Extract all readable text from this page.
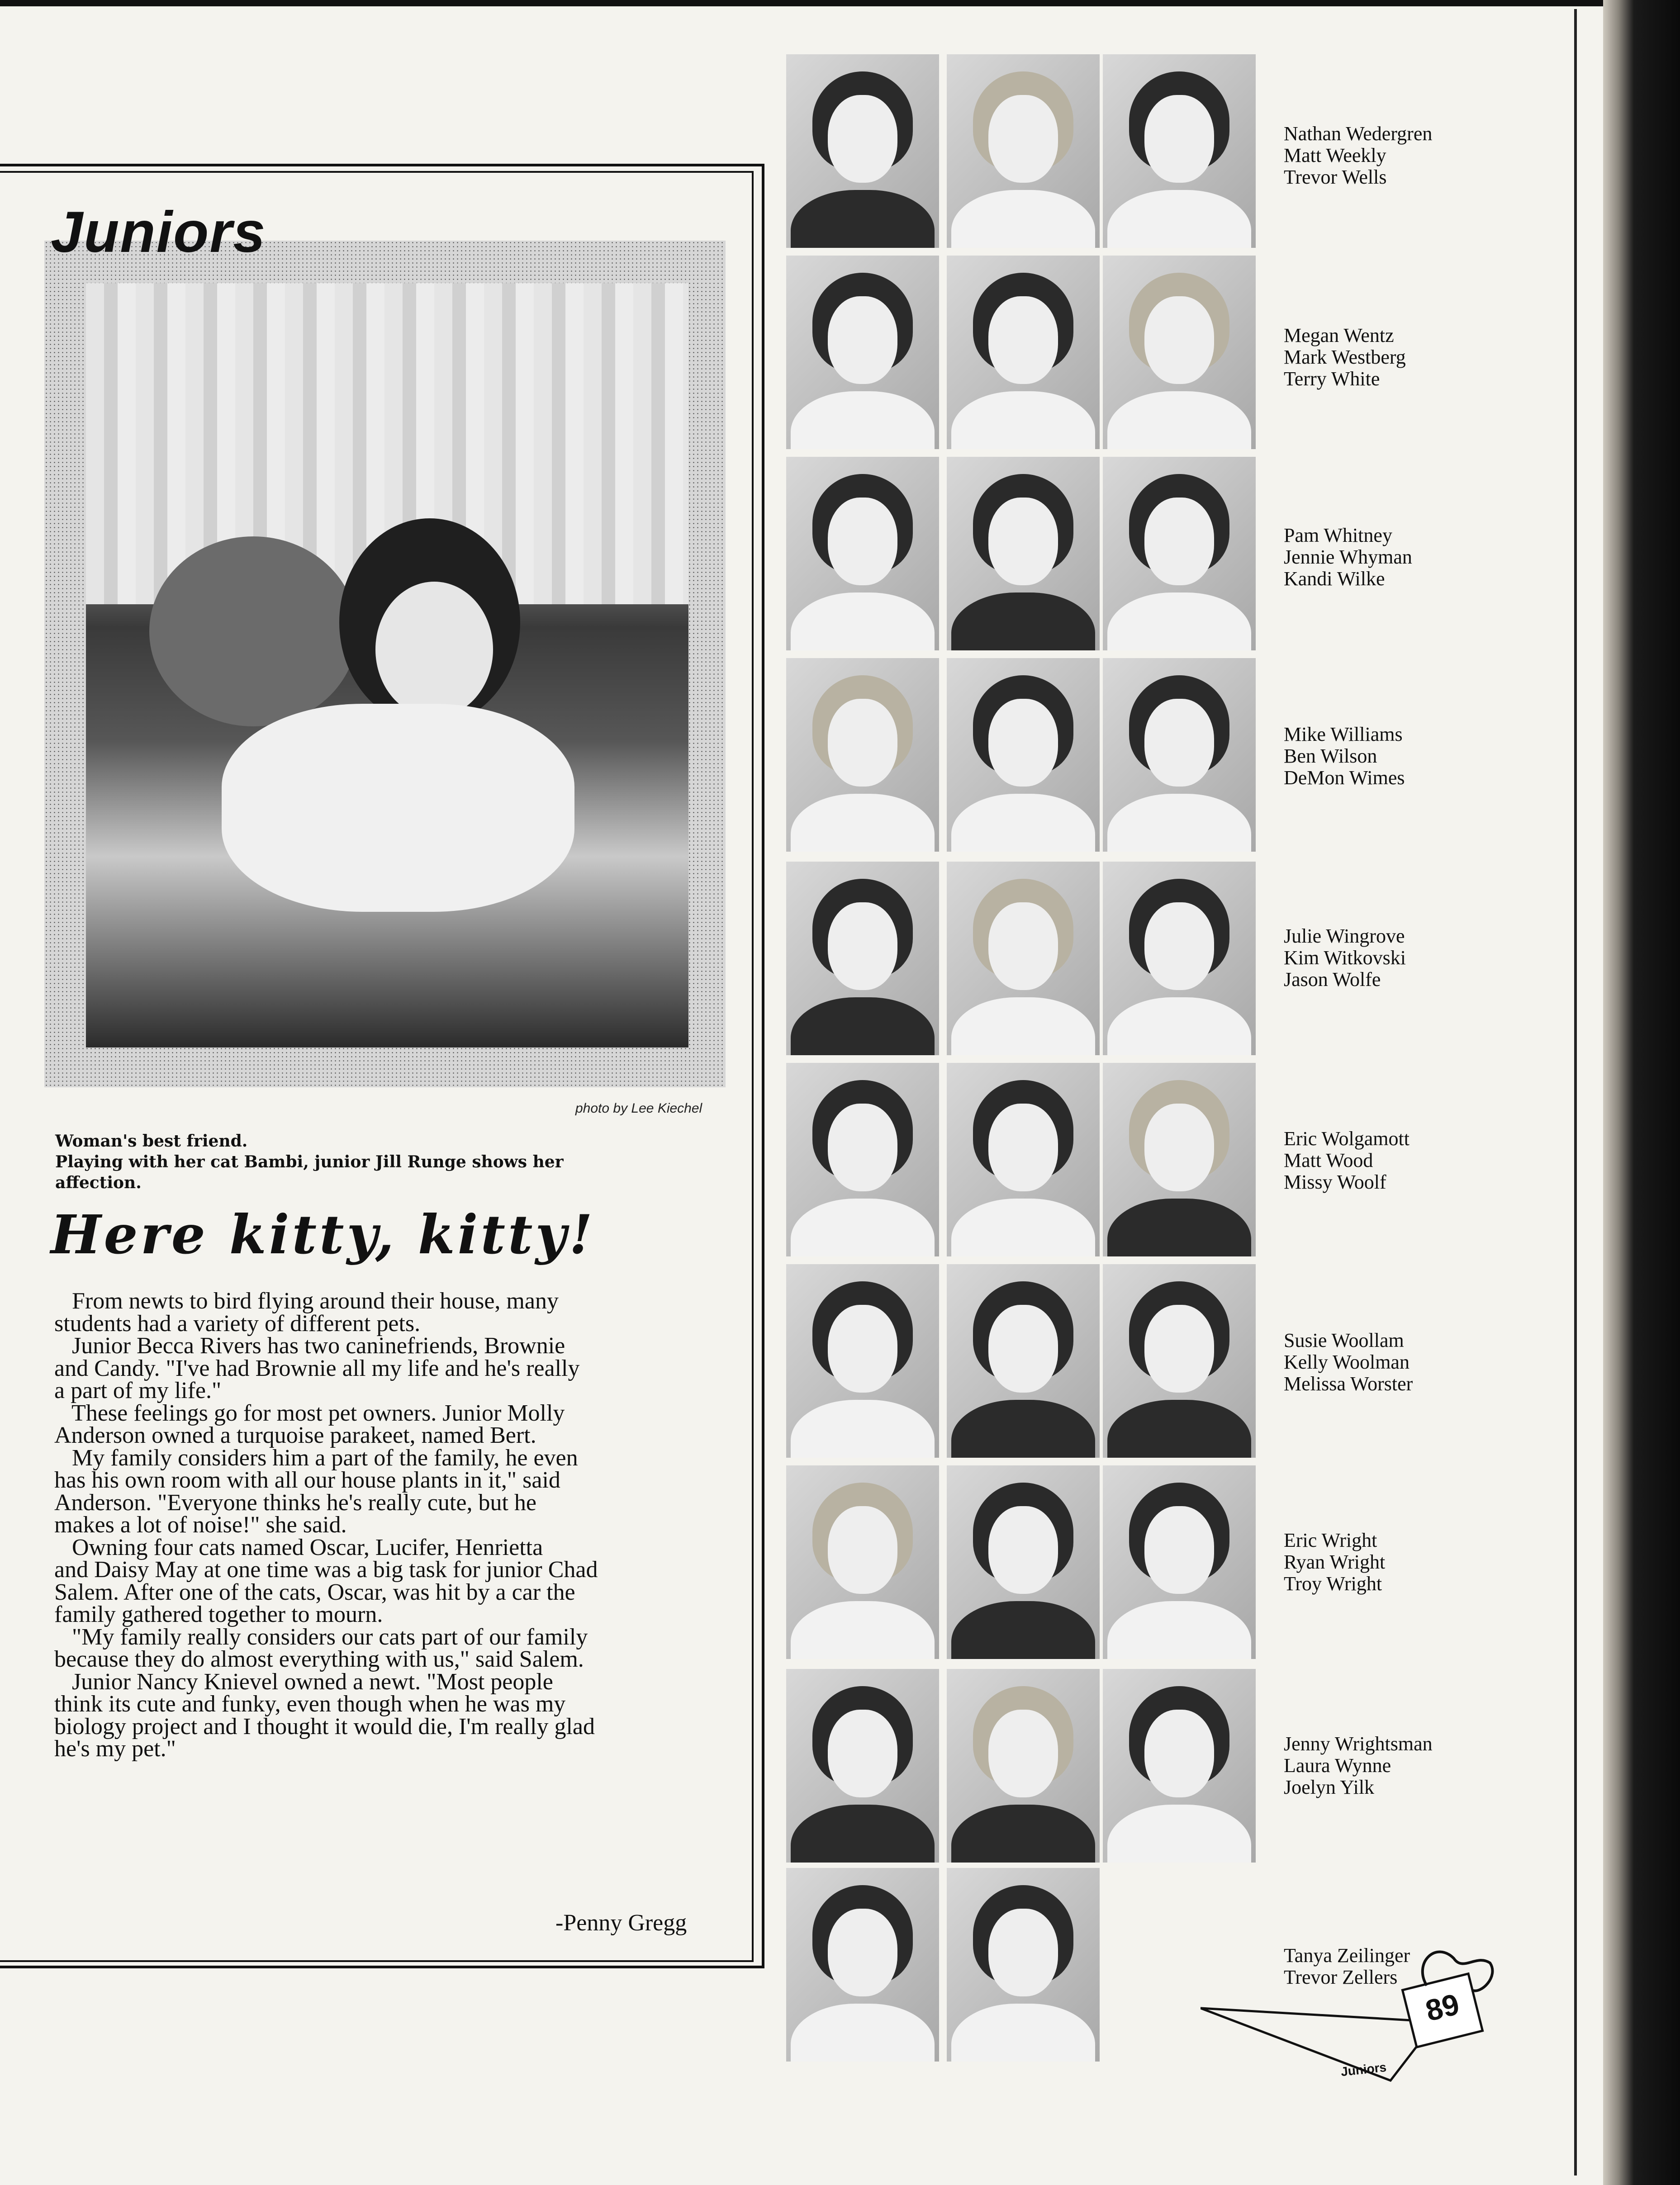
Juniors
photo by Lee Kiechel
Woman's best friend.
Playing with her cat Bambi, junior Jill Runge shows her
affection.
Here kitty, kitty!
From newts to bird flying around their house, many
students had a variety of different pets.
Junior Becca Rivers has two caninefriends, Brownie
and Candy. "I've had Brownie all my life and he's really
a part of my life."
These feelings go for most pet owners. Junior Molly
Anderson owned a turquoise parakeet, named Bert.
My family considers him a part of the family, he even
has his own room with all our house plants in it," said
Anderson. "Everyone thinks he's really cute, but he
makes a lot of noise!" she said.
Owning four cats named Oscar, Lucifer, Henrietta
and Daisy May at one time was a big task for junior Chad
Salem. After one of the cats, Oscar, was hit by a car the
family gathered together to mourn.
"My family really considers our cats part of our family
because they do almost everything with us," said Salem.
Junior Nancy Knievel owned a newt. "Most people
think its cute and funky, even though when he was my
biology project and I thought it would die, I'm really glad
he's my pet."
-Penny Gregg
Nathan Wedergren
Matt Weekly
Trevor Wells
Megan Wentz
Mark Westberg
Terry White
Pam Whitney
Jennie Whyman
Kandi Wilke
Mike Williams
Ben Wilson
DeMon Wimes
Julie Wingrove
Kim Witkovski
Jason Wolfe
Eric Wolgamott
Matt Wood
Missy Woolf
Susie Woollam
Kelly Woolman
Melissa Worster
Eric Wright
Ryan Wright
Troy Wright
Jenny Wrightsman
Laura Wynne
Joelyn Yilk
Tanya Zeilinger
Trevor Zellers
89
Juniors
